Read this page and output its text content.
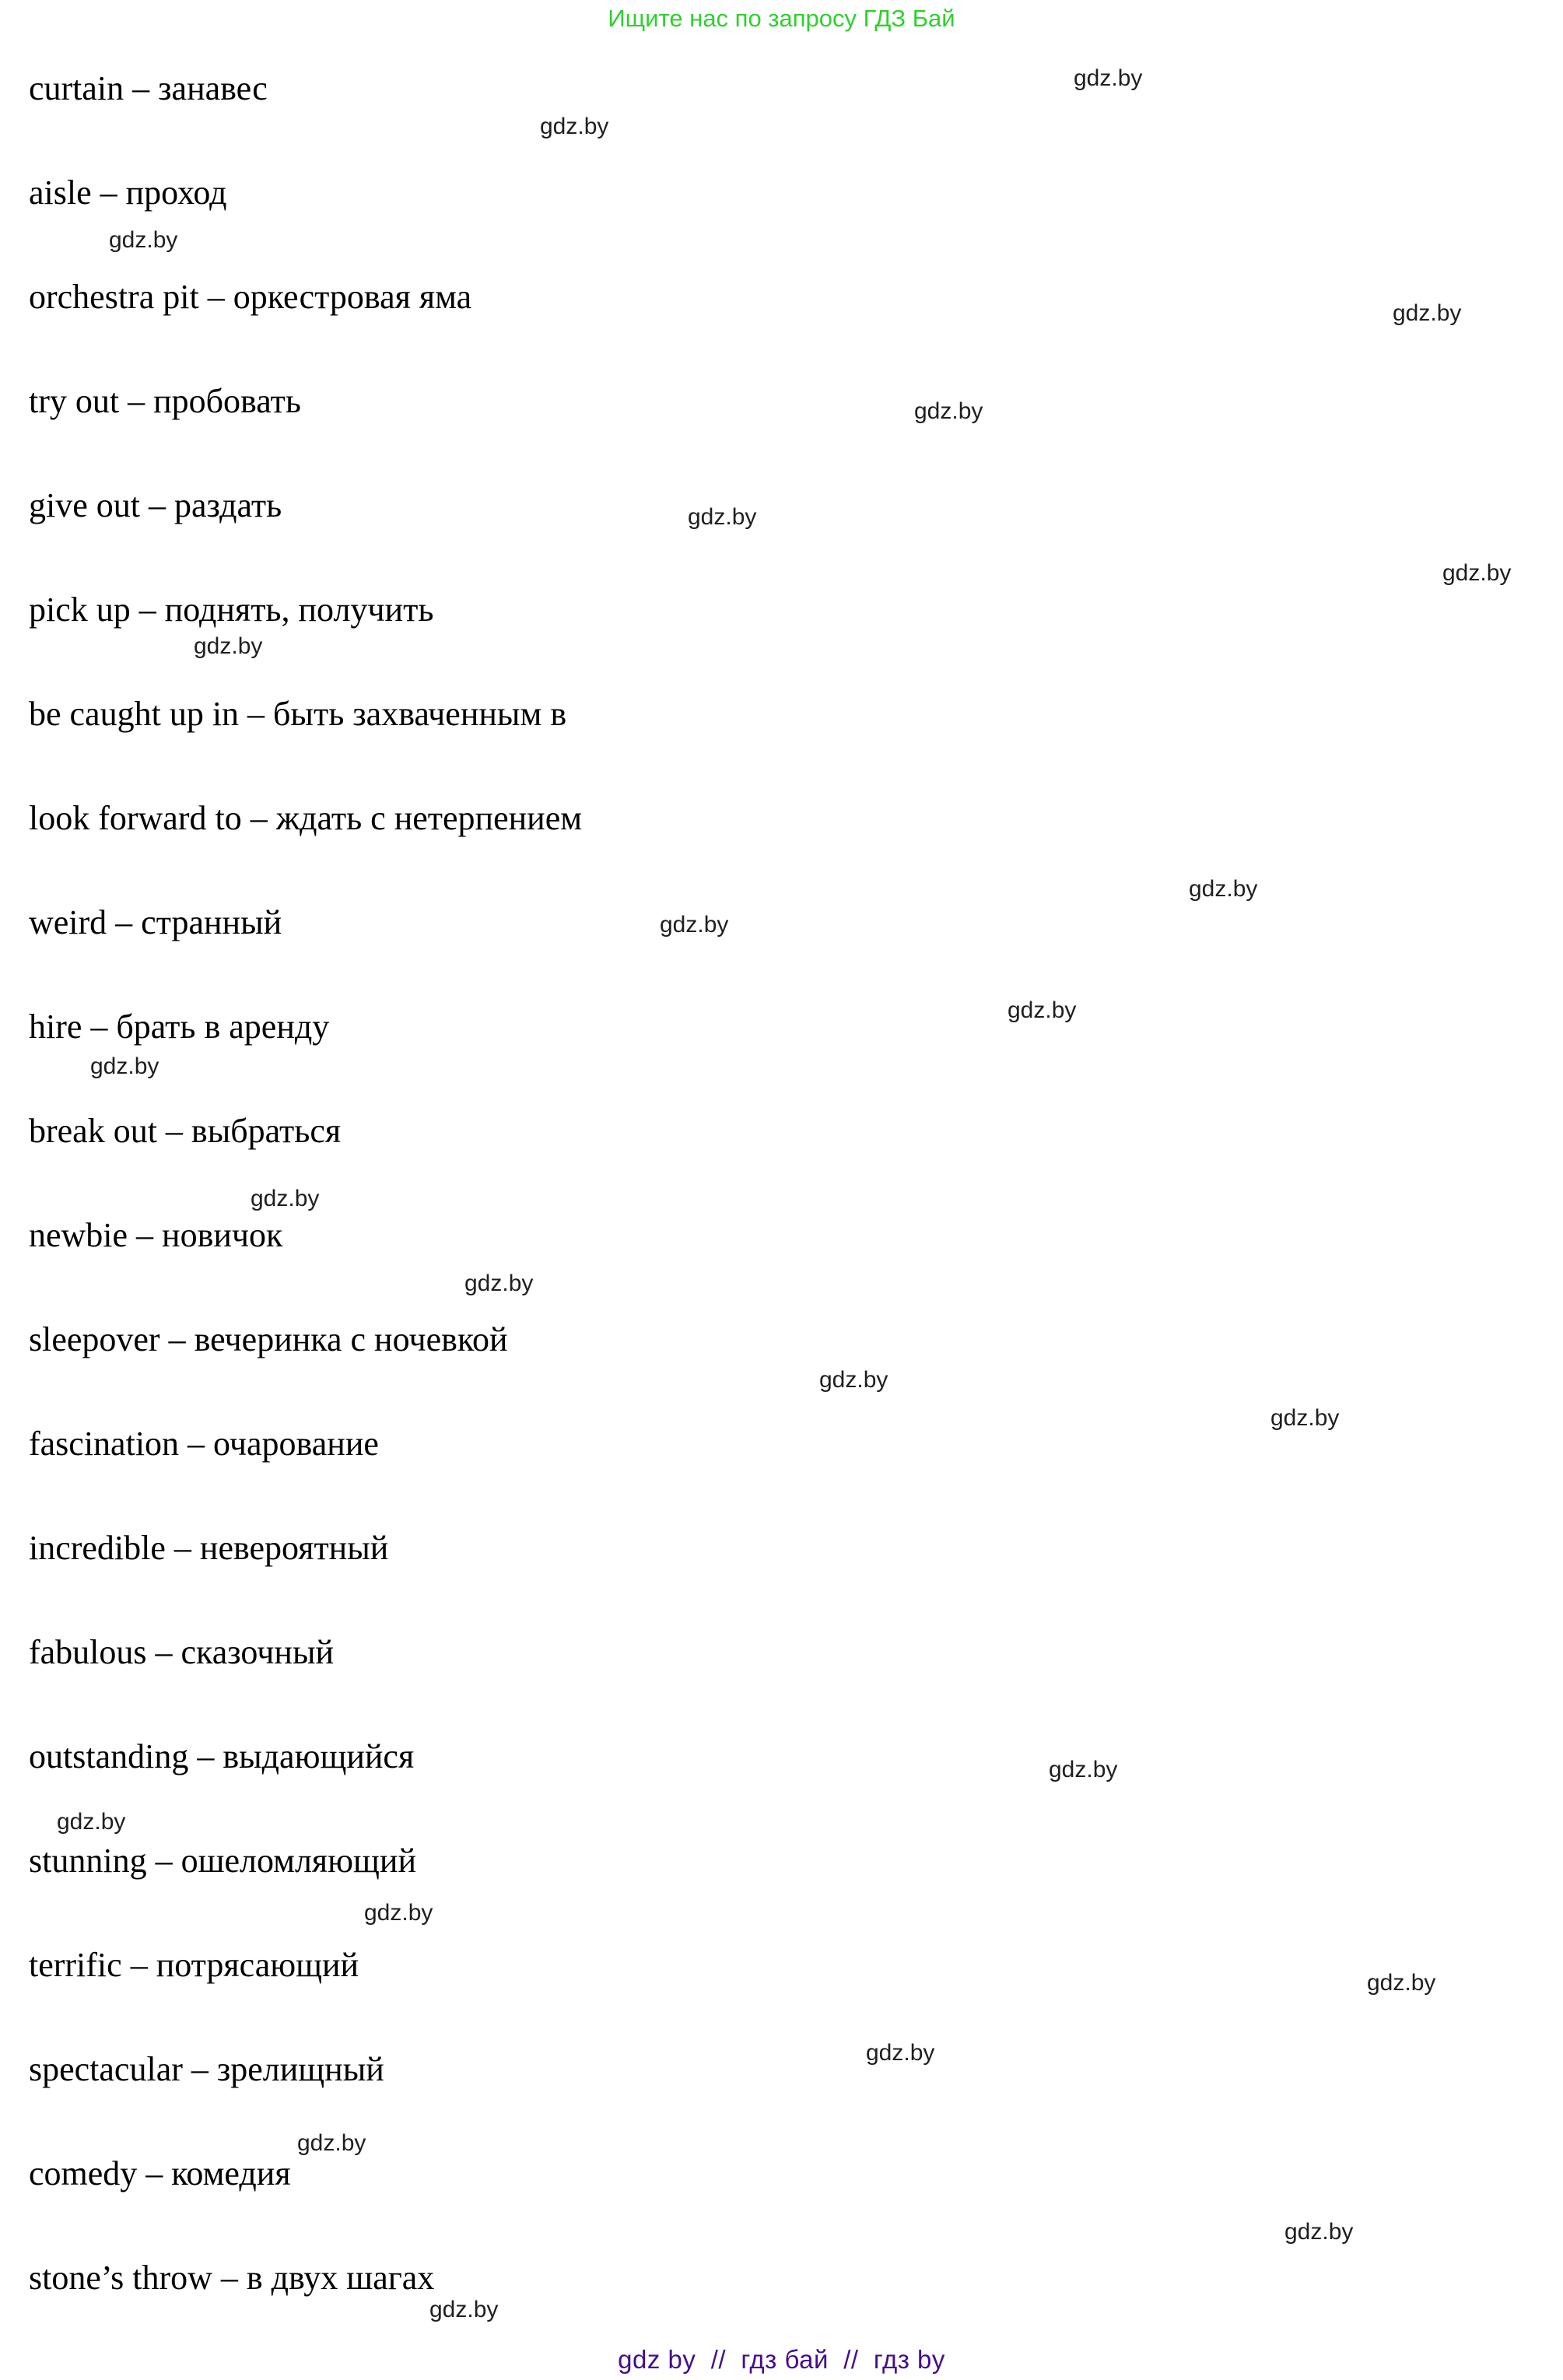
Ищите нас по запросу ГДЗ Бай
curtain – занавес
aisle – проход
orchestra pit – оркестровая яма
try out – пробовать
give out – раздать
pick up – поднять, получить
be caught up in – быть захваченным в
look forward to – ждать с нетерпением
weird – странный
hire – брать в аренду
break out – выбраться
newbie – новичок
sleepover – вечеринка с ночевкой
fascination – очарование
incredible – невероятный
fabulous – сказочный
outstanding – выдающийся
stunning – ошеломляющий
terrific – потрясающий
spectacular – зрелищный
comedy – комедия
stone’s throw – в двух шагах
gdz.by
gdz.by
gdz.by
gdz.by
gdz.by
gdz.by
gdz.by
gdz.by
gdz.by
gdz.by
gdz.by
gdz.by
gdz.by
gdz.by
gdz.by
gdz.by
gdz.by
gdz.by
gdz.by
gdz.by
gdz.by
gdz.by
gdz.by
gdz.by
gdz by  //  гдз бай  //  гдз by
